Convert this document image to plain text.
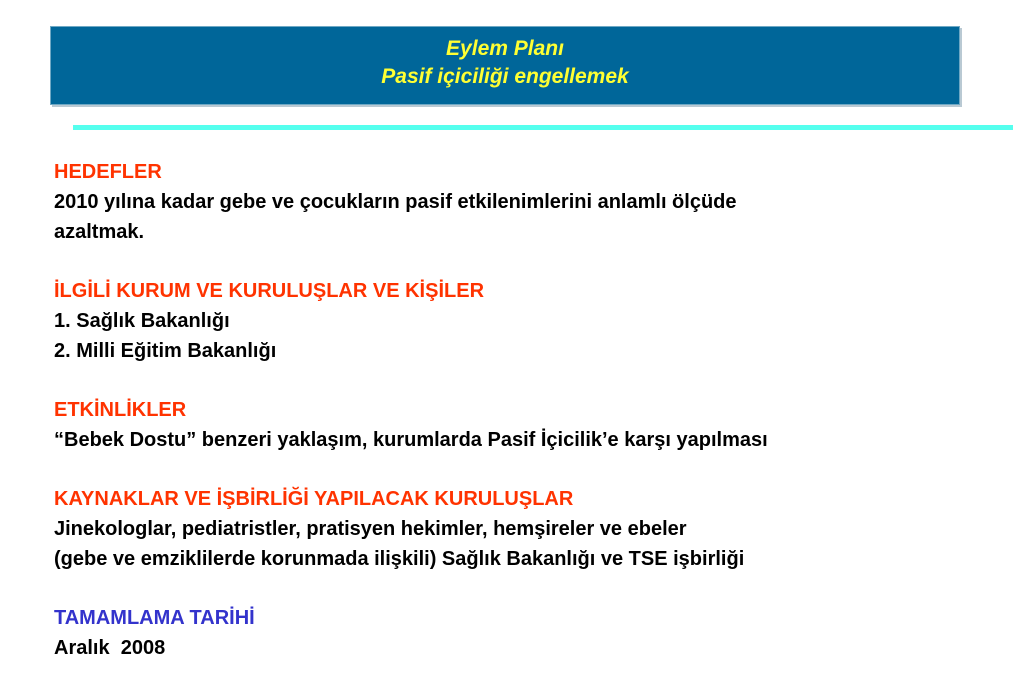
Eylem Planı
Pasif içiciliği engellemek
HEDEFLER
2010 yılına kadar gebe ve çocukların pasif etkilenimlerini anlamlı ölçüde
azaltmak.
İLGİLİ KURUM VE KURULUŞLAR VE KİŞİLER
1. Sağlık Bakanlığı
2. Milli Eğitim Bakanlığı
ETKİNLİKLER
“Bebek Dostu” benzeri yaklaşım, kurumlarda Pasif İçicilik’e karşı yapılması
KAYNAKLAR VE İŞBİRLİĞİ YAPILACAK KURULUŞLAR
Jinekologlar, pediatristler, pratisyen hekimler, hemşireler ve ebeler
(gebe ve emziklilerde korunmada ilişkili) Sağlık Bakanlığı ve TSE işbirliği
TAMAMLAMA TARİHİ
Aralık  2008
